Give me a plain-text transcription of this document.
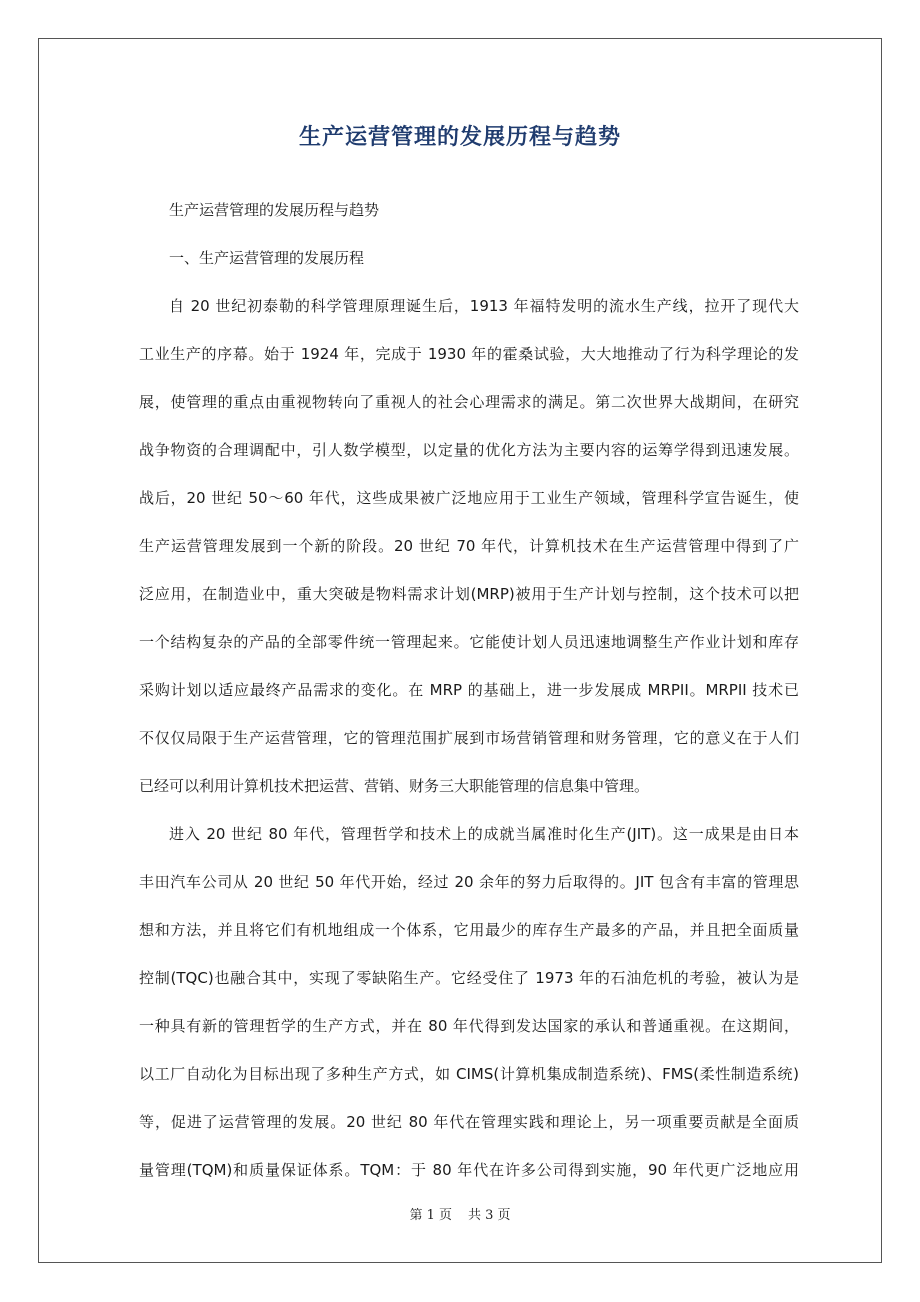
生产运营管理的发展历程与趋势
生产运营管理的发展历程与趋势
一、生产运营管理的发展历程
自 20 世纪初泰勒的科学管理原理诞生后，1913 年福特发明的流水生产线，拉开了现代大
工业生产的序幕。始于 1924 年，完成于 1930 年的霍桑试验，大大地推动了行为科学理论的发
展，使管理的重点由重视物转向了重视人的社会心理需求的满足。第二次世界大战期间，在研究
战争物资的合理调配中，引人数学模型，以定量的优化方法为主要内容的运筹学得到迅速发展。
战后，20 世纪 50～60 年代，这些成果被广泛地应用于工业生产领域，管理科学宣告诞生，使
生产运营管理发展到一个新的阶段。20 世纪 70 年代，计算机技术在生产运营管理中得到了广
泛应用，在制造业中，重大突破是物料需求计划(MRP)被用于生产计划与控制，这个技术可以把
一个结构复杂的产品的全部零件统一管理起来。它能使计划人员迅速地调整生产作业计划和库存
采购计划以适应最终产品需求的变化。在 MRP 的基础上，进一步发展成 MRPII。MRPII 技术已
不仅仅局限于生产运营管理，它的管理范围扩展到市场营销管理和财务管理，它的意义在于人们
已经可以利用计算机技术把运营、营销、财务三大职能管理的信息集中管理。
进入 20 世纪 80 年代，管理哲学和技术上的成就当属准时化生产(JIT)。这一成果是由日本
丰田汽车公司从 20 世纪 50 年代开始，经过 20 余年的努力后取得的。JIT 包含有丰富的管理思
想和方法，并且将它们有机地组成一个体系，它用最少的库存生产最多的产品，并且把全面质量
控制(TQC)也融合其中，实现了零缺陷生产。它经受住了 1973 年的石油危机的考验，被认为是
一种具有新的管理哲学的生产方式，并在 80 年代得到发达国家的承认和普通重视。在这期间，
以工厂自动化为目标出现了多种生产方式，如 CIMS(计算机集成制造系统)、FMS(柔性制造系统)
等，促进了运营管理的发展。20 世纪 80 年代在管理实践和理论上，另一项重要贡献是全面质
量管理(TQM)和质量保证体系。TQM：于 80 年代在许多公司得到实施，90 年代更广泛地应用
第 1 页 共 3 页
